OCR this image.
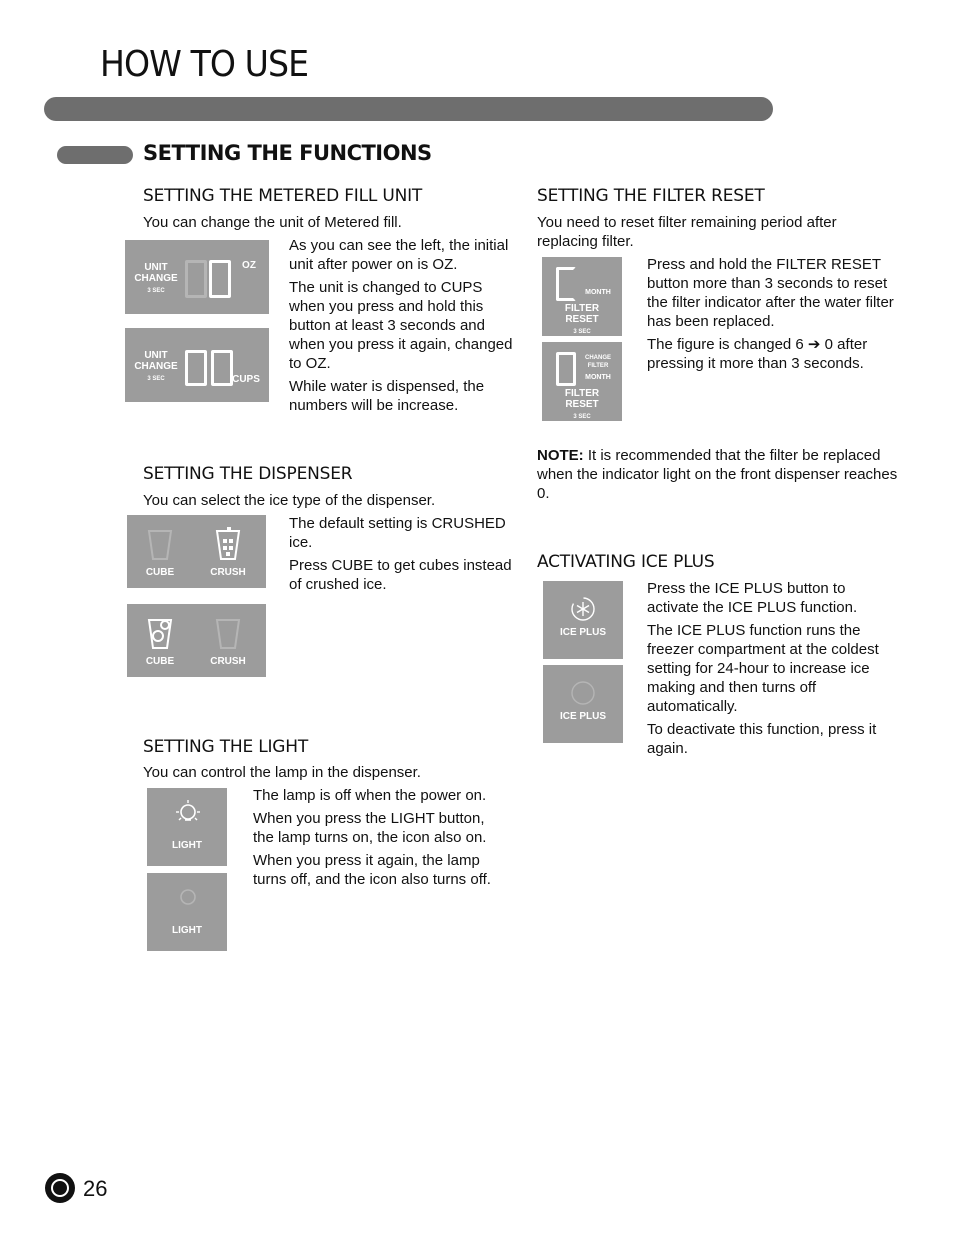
HOW TO USE
SETTING THE FUNCTIONS
SETTING THE METERED FILL UNIT
You can change the unit of Metered fill.
UNIT
CHANGE
3 SEC
OZ
UNIT
CHANGE
3 SEC	CUPS

As you can see the left, the initial unit after power on is OZ.

The unit is changed to CUPS when you press and hold this button at least 3 seconds and when you press it again, changed to OZ.

While water is dispensed, the numbers will be increase.

SETTING THE DISPENSER
You can select the ice type of the dispenser.
CUBE	CRUSH
CUBE	CRUSH

The default setting is CRUSHED ice.

Press CUBE to get cubes instead of crushed ice.

SETTING THE LIGHT
You can control the lamp in the dispenser.
LIGHT
LIGHT

The lamp is off when the power on.

When you press the LIGHT button, the lamp turns on, the icon also on.

When you press it again, the lamp turns off, and the icon also turns off.

SETTING THE FILTER RESET
You need to reset filter remaining period after replacing filter.
MONTH
FILTER
RESET
3 SEC
CHANGE
FILTER
MONTH
FILTER
RESET
3 SEC

Press and hold the FILTER RESET button more than 3 seconds to reset the filter indicator after the water filter has been replaced.

The figure is changed 6 ➔ 0 after pressing it more than 3 seconds.

NOTE: It is recommended that the filter be replaced when the indicator light on the front dispenser reaches 0.
ACTIVATING ICE PLUS
ICE PLUS
ICE PLUS

Press the ICE PLUS button to activate the ICE PLUS function.

The ICE PLUS function runs the freezer compartment at the coldest setting for 24-hour to increase ice making and then turns off automatically.

To deactivate this function, press it again.

26
